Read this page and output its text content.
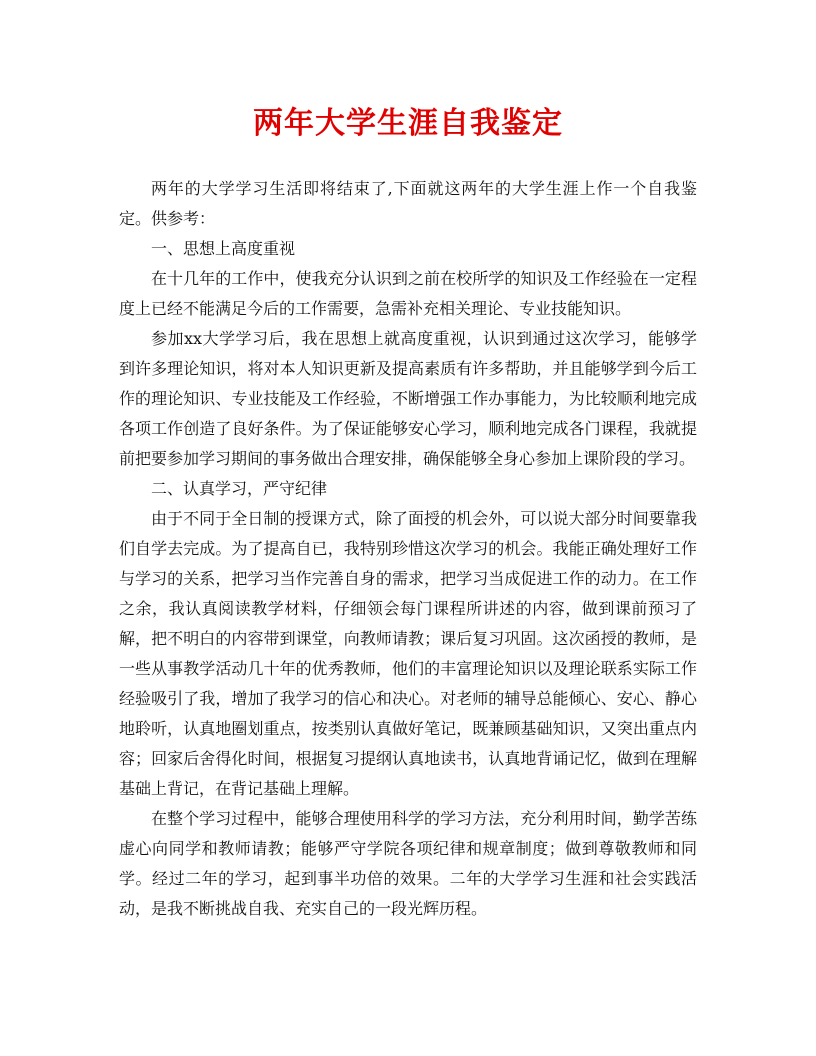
两年大学生涯自我鉴定

两年的大学学习生活即将结束了,下面就这两年的大学生涯上作一个自我鉴定。供参考：

一、思想上高度重视

在十几年的工作中，使我充分认识到之前在校所学的知识及工作经验在一定程度上已经不能满足今后的工作需要，急需补充相关理论、专业技能知识。

参加xx大学学习后，我在思想上就高度重视，认识到通过这次学习，能够学到许多理论知识，将对本人知识更新及提高素质有许多帮助，并且能够学到今后工作的理论知识、专业技能及工作经验，不断增强工作办事能力，为比较顺利地完成各项工作创造了良好条件。为了保证能够安心学习，顺利地完成各门课程，我就提前把要参加学习期间的事务做出合理安排，确保能够全身心参加上课阶段的学习。

二、认真学习，严守纪律

由于不同于全日制的授课方式，除了面授的机会外，可以说大部分时间要靠我们自学去完成。为了提高自已，我特别珍惜这次学习的机会。我能正确处理好工作与学习的关系，把学习当作完善自身的需求，把学习当成促进工作的动力。在工作之余，我认真阅读教学材料，仔细领会每门课程所讲述的内容，做到课前预习了解，把不明白的内容带到课堂，向教师请教；课后复习巩固。这次函授的教师，是一些从事教学活动几十年的优秀教师，他们的丰富理论知识以及理论联系实际工作经验吸引了我，增加了我学习的信心和决心。对老师的辅导总能倾心、安心、静心地聆听，认真地圈划重点，按类别认真做好笔记，既兼顾基础知识，又突出重点内容；回家后舍得化时间，根据复习提纲认真地读书，认真地背诵记忆，做到在理解基础上背记，在背记基础上理解。

在整个学习过程中，能够合理使用科学的学习方法，充分利用时间，勤学苦练虚心向同学和教师请教；能够严守学院各项纪律和规章制度；做到尊敬教师和同学。经过二年的学习，起到事半功倍的效果。二年的大学学习生涯和社会实践活动，是我不断挑战自我、充实自己的一段光辉历程。
